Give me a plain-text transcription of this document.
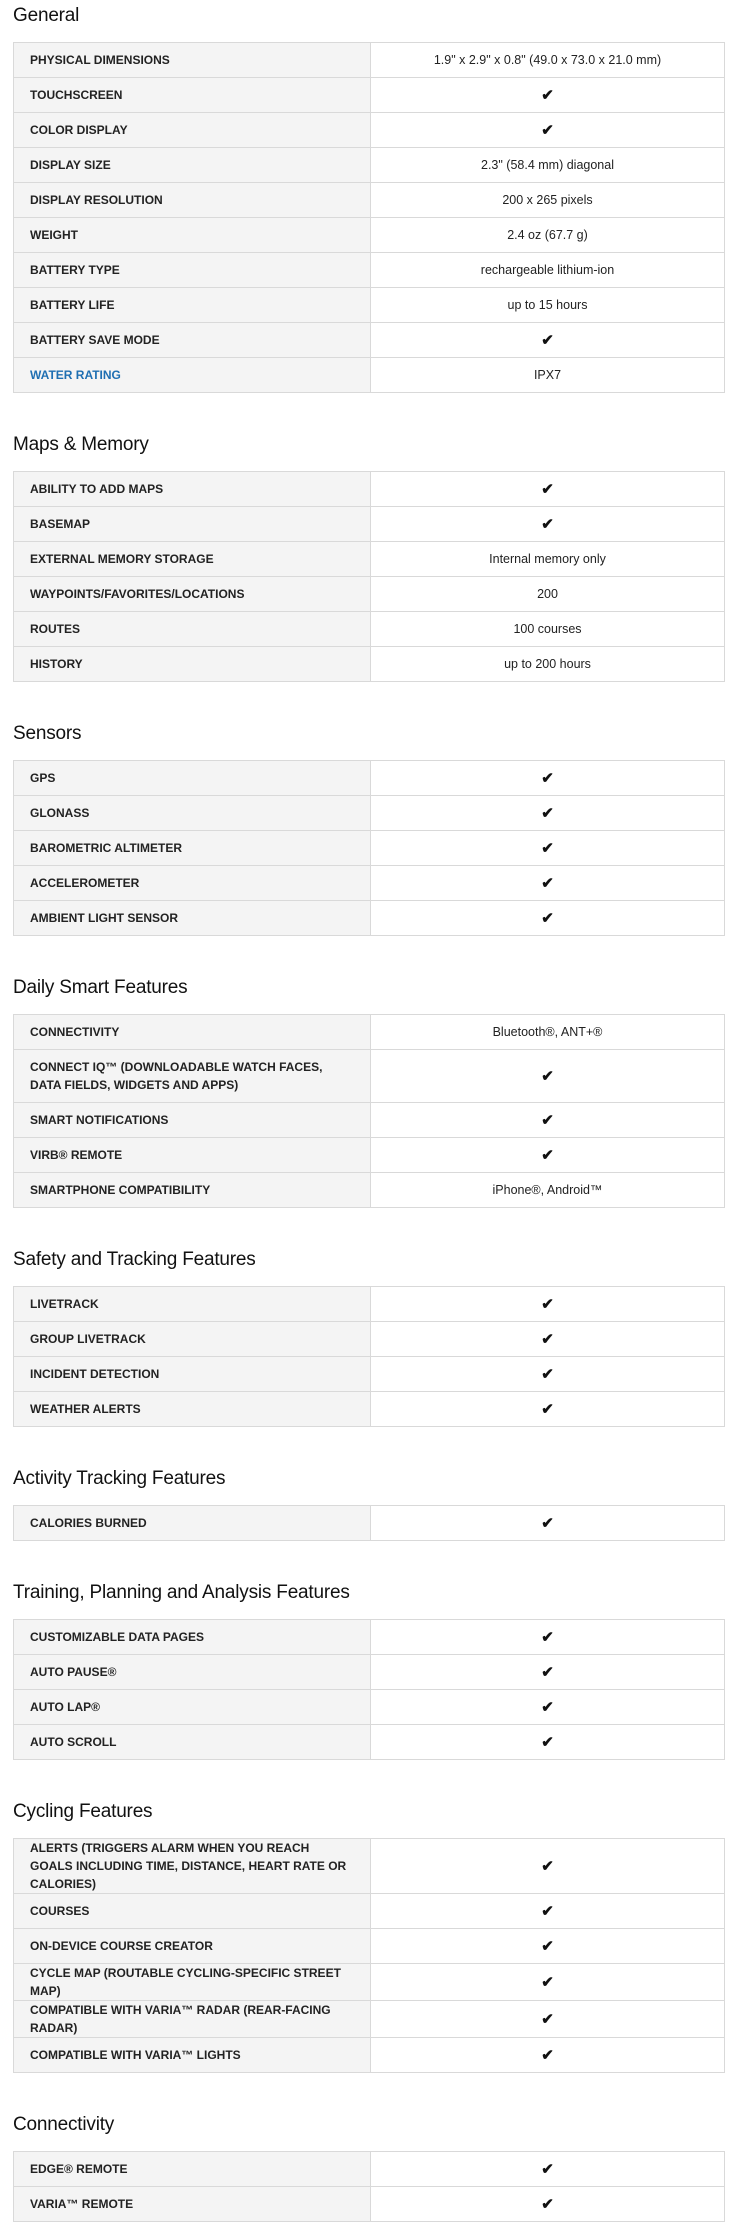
General
PHYSICAL DIMENSIONS	1.9" x 2.9" x 0.8" (49.0 x 73.0 x 21.0 mm)
TOUCHSCREEN	✔
COLOR DISPLAY	✔
DISPLAY SIZE	2.3" (58.4 mm) diagonal
DISPLAY RESOLUTION	200 x 265 pixels
WEIGHT	2.4 oz (67.7 g)
BATTERY TYPE	rechargeable lithium-ion
BATTERY LIFE	up to 15 hours
BATTERY SAVE MODE	✔
WATER RATING	IPX7
Maps & Memory
ABILITY TO ADD MAPS	✔
BASEMAP	✔
EXTERNAL MEMORY STORAGE	Internal memory only
WAYPOINTS/FAVORITES/LOCATIONS	200
ROUTES	100 courses
HISTORY	up to 200 hours
Sensors
GPS	✔
GLONASS	✔
BAROMETRIC ALTIMETER	✔
ACCELEROMETER	✔
AMBIENT LIGHT SENSOR	✔
Daily Smart Features
CONNECTIVITY	Bluetooth®, ANT+®
CONNECT IQ™ (DOWNLOADABLE WATCH FACES, DATA FIELDS, WIDGETS AND APPS)	✔
SMART NOTIFICATIONS	✔
VIRB® REMOTE	✔
SMARTPHONE COMPATIBILITY	iPhone®, Android™
Safety and Tracking Features
LIVETRACK	✔
GROUP LIVETRACK	✔
INCIDENT DETECTION	✔
WEATHER ALERTS	✔
Activity Tracking Features
CALORIES BURNED	✔
Training, Planning and Analysis Features
CUSTOMIZABLE DATA PAGES	✔
AUTO PAUSE®	✔
AUTO LAP®	✔
AUTO SCROLL	✔
Cycling Features
ALERTS (TRIGGERS ALARM WHEN YOU REACH GOALS INCLUDING TIME, DISTANCE, HEART RATE OR CALORIES)	✔
COURSES	✔
ON-DEVICE COURSE CREATOR	✔
CYCLE MAP (ROUTABLE CYCLING-SPECIFIC STREET MAP)	✔
COMPATIBLE WITH VARIA™ RADAR (REAR-FACING RADAR)	✔
COMPATIBLE WITH VARIA™ LIGHTS	✔
Connectivity
EDGE® REMOTE	✔
VARIA™ REMOTE	✔
